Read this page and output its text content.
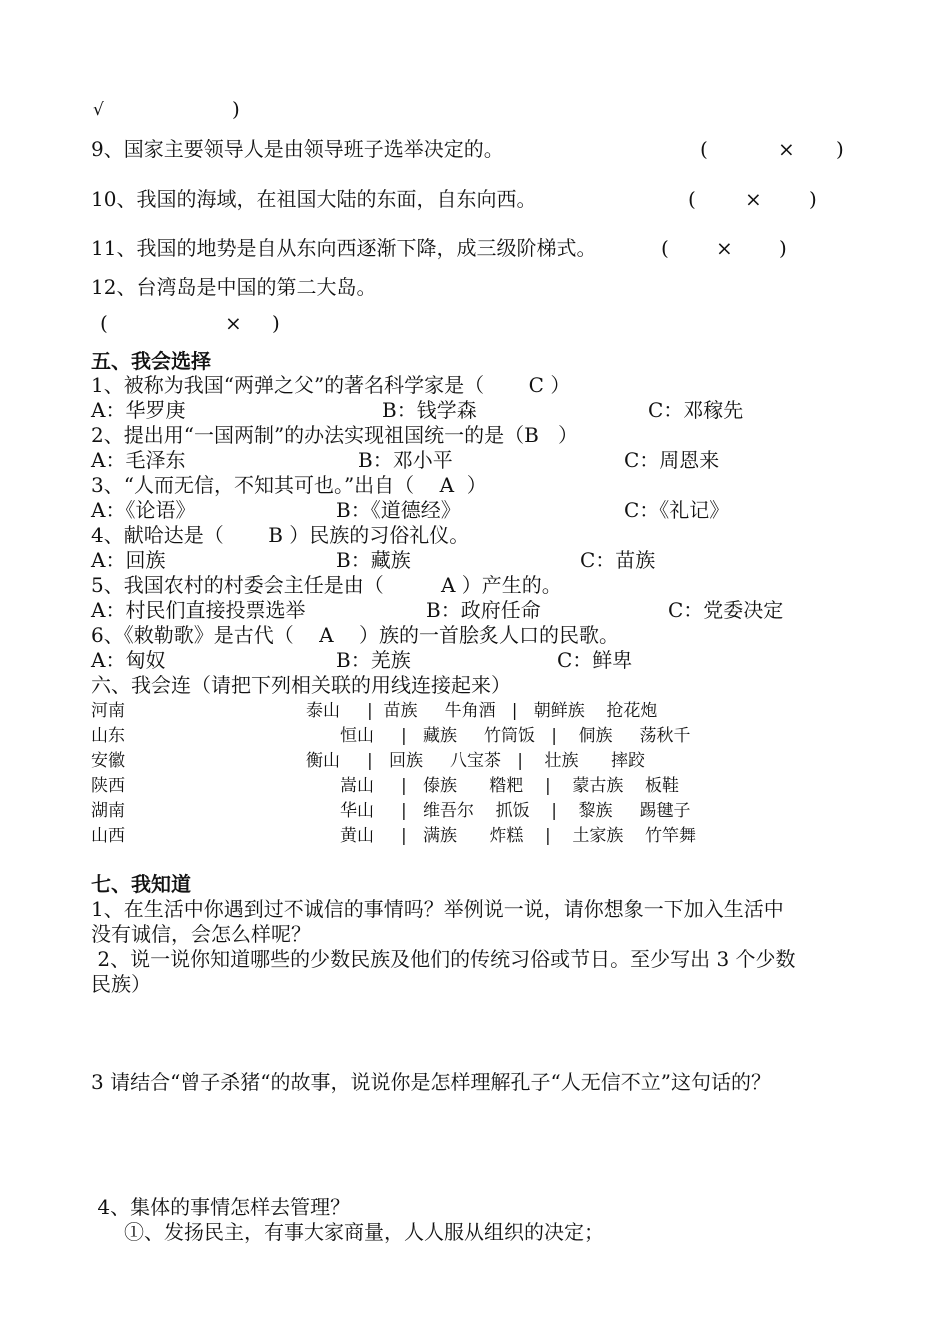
√	)
9、国家主要领导人是由领导班子选举决定的。	(	× )
10、我国的海域，在祖国大陆的东面，自东向西。	( × )
11、我国的地势是自从东向西逐渐下降，成三级阶梯式。	( × )
12、台湾岛是中国的第二大岛。
(	× )
五、我会选择
1、被称为我国“两弹之父”的著名科学家是（       C ）
A：华罗庚	B：钱学森	C：邓稼先
2、提出用“一国两制”的办法实现祖国统一的是（B   ）
A：毛泽东	B：邓小平	C：周恩来
3、“人而无信，不知其可也。”出自（    A  ）
A：《论语》	B：《道德经》	C：《礼记》
4、献哈达是（       B ）民族的习俗礼仪。
A：回族	B：藏族	C：苗族
5、我国农村的村委会主任是由（         A ）产生的。
A：村民们直接投票选举	B：政府任命	C：党委决定
6、《敕勒歌》是古代（    A    ）族的一首脍炙人口的民歌。
A：匈奴	B：羌族	C：鲜卑
六、我会连（请把下列相关联的用线连接起来）
河南	泰山     |  苗族     牛角酒   |   朝鲜族    抢花炮
山东	恒山     |   藏族     竹筒饭   |    侗族     荡秋千
安徽	衡山     |   回族     八宝茶   |    壮族      摔跤
陕西	嵩山     |   傣族      糌粑    |    蒙古族    板鞋
湖南	华山     |   维吾尔    抓饭    |    黎族     踢毽子
山西	黄山     |   满族      炸糕    |    土家族    竹竿舞
七、我知道
1、在生活中你遇到过不诚信的事情吗？举例说一说，请你想象一下加入生活中
没有诚信，会怎么样呢？
2、说一说你知道哪些的少数民族及他们的传统习俗或节日。至少写出 3 个少数
民族）
3 请结合“曾子杀猪“的故事，说说你是怎样理解孔子“人无信不立”这句话的？
4、集体的事情怎样去管理？
①、发扬民主，有事大家商量，人人服从组织的决定；
